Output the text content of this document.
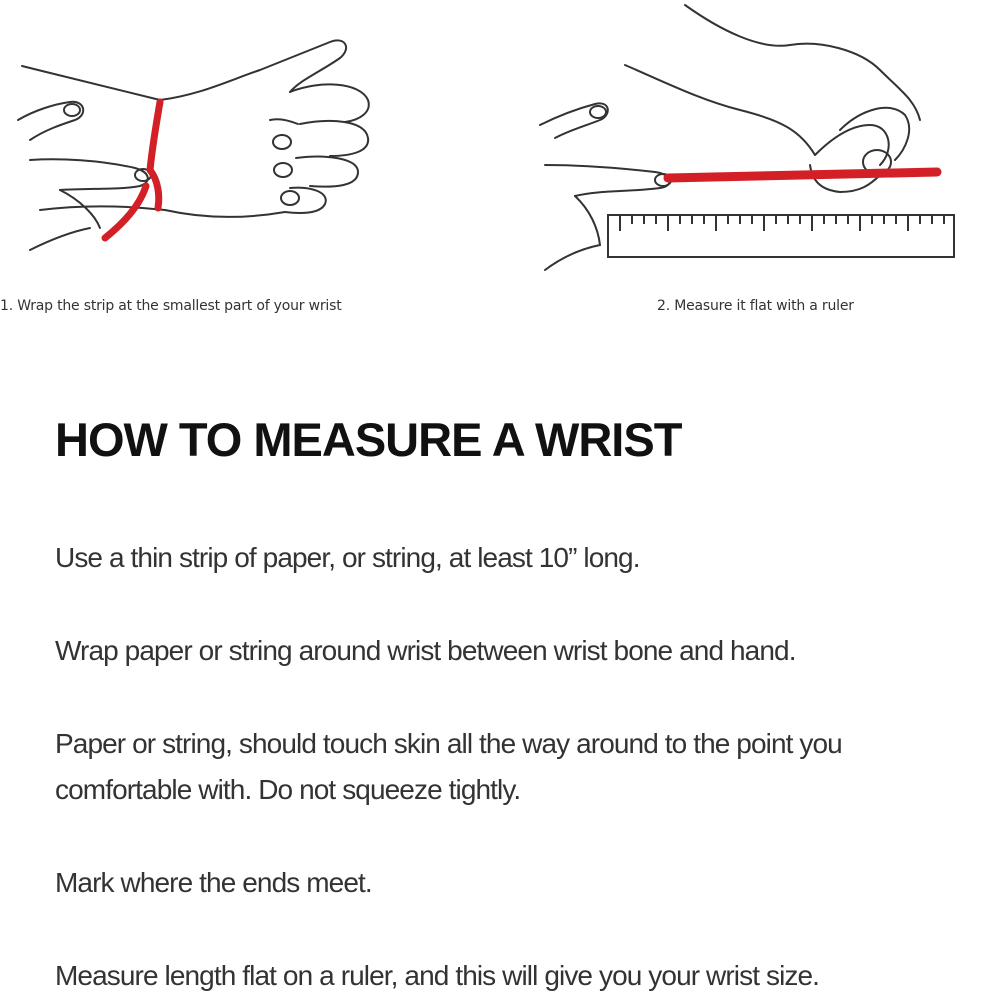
1. Wrap the strip at the smallest part of your wrist	2. Measure it flat with a ruler
HOW TO MEASURE A WRIST

Use a thin strip of paper, or string, at least 10” long.

Wrap paper or string around wrist between wrist bone and hand.

Paper or string, should touch skin all the way around to the point you
comfortable with. Do not squeeze tightly.

Mark where the ends meet.

Measure length flat on a ruler, and this will give you your wrist size.
